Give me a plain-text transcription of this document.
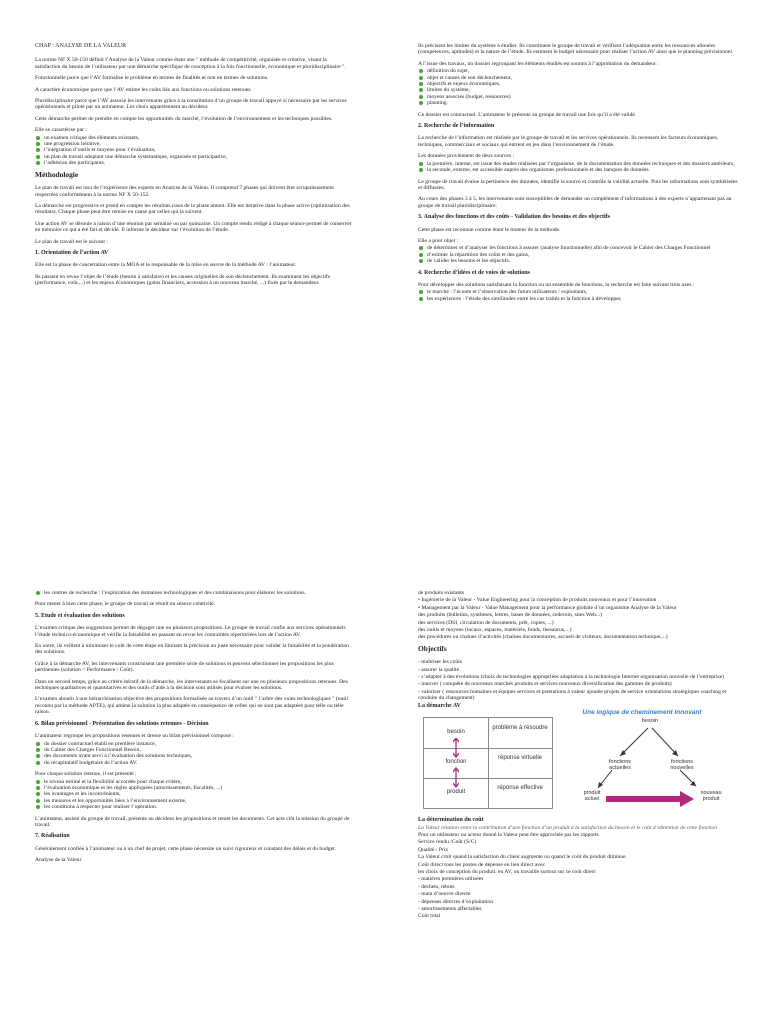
CHAP : ANALYSE DE LA VALEUR

La norme NF X 50-150 définit l’Analyse de la Valeur comme étant une " méthode de compétitivité, organisée et créative, visant la satisfaction du besoin de l’utilisateur par une démarche spécifique de conception à la fois fonctionnelle, économique et pluridisciplinaire ".

Fonctionnelle parce que l’AV formalise le problème en termes de finalités et non en termes de solutions.

A caractère économique parce que l’AV estime les coûts liés aux fonctions ou solutions retenues.

Pluridisciplinaire parce que l’AV associe les intervenants grâce à la constitution d’un groupe de travail appuyé si nécessaire par les services opérationnels et piloté par un animateur. Les choix appartiennent au décideur.

Cette démarche permet de prendre en compte les opportunités du marché, l’évolution de l’environnement et les techniques possibles.

Elle se caractérise par :

un examen critique des éléments existants,
une progression itérative,
l’intégration d’outils et moyens pour l’évaluation,
un plan de travail adoptant une démarche systématique, organisée et participative,
l’adhésion des participants.
Méthodologie

Le plan de travail est issu de l’expérience des experts en Analyse de la Valeur. Il comprend 7 phases qui doivent être scrupuleusement respectées conformément à la norme NF X 50-152.

La démarche est progressive et prend en compte les résultats issus de la phase amont. Elle est itérative dans la phase active (optimisation des résultats). Chaque phase peut être remise en cause par celles qui la suivent.

Une action AV se déroule à raison d’une réunion par semaine ou par quinzaine. Un compte rendu rédigé à chaque séance permet de conserver en mémoire ce qui a été fait et décidé. Il informe le décideur sur l’évolution de l’étude.

Le plan de travail est le suivant :

1. Orientation de l’action AV

Elle est la phase de concertation entre la MOA et le responsable de la mise en œuvre de la méthode AV : l’animateur.

Ils passent en revue l’objet de l’étude (besoin à satisfaire) et les causes originelles de son déclenchement. Ils examinent les objectifs (performance, coût,...) et les enjeux économiques (gains financiers, accession à un nouveau marché, ...) fixés par le demandeur.

Ils précisent les limites du système à étudier. Ils constituent le groupe de travail et vérifient l’adéquation entre les ressources allouées (compétences, aptitudes) et la nature de l’étude. Ils estiment le budget nécessaire pour réaliser l’action AV ainsi que le planning prévisionnel.

A l’issue des travaux, un dossier regroupant les éléments étudiés est soumis à l’approbation du demandeur :

définition du sujet,
objet et causes de son déclenchement,
objectifs et enjeux économiques,
limites du système,
moyens associés (budget, ressources)
planning.

Ce dossier est contractuel. L’animateur le présente au groupe de travail une fois qu’il a été validé.

2. Recherche de l’information

La recherche de l’information est réalisée par le groupe de travail et les services opérationnels. Ils recensent les facteurs économiques, techniques, commerciaux et sociaux qui entrent en jeu dans l’environnement de l’étude.

Les données proviennent de deux sources :

la première, interne, est issue des études réalisées par l’organisme, de la documentation des données techniques et des dossiers antérieurs,
la seconde, externe, est accessible auprès des organismes professionnels et des banques de données.

Le groupe de travail évalue la pertinence des données, identifie la source et contrôle la validité actuelle. Puis les informations sont synthétisées et diffusées.

Au cours des phases 3 à 5, les intervenants sont susceptibles de demander un complément d’informations à des experts n’appartenant pas au groupe de travail pluridisciplinaire.

3. Analyse des fonctions et des coûts - Validation des besoins et des objectifs

Cette phase est reconnue comme étant le moteur de la méthode.

Elle a pour objet :

de déterminer et d’analyser les fonctions à assurer (analyse fonctionnelle) afin de concevoir le Cahier des Charges Fonctionnel
d’estimer la répartition des coûts et des gains,
de valider les besoins et les objectifs.
4. Recherche d’idées et de voies de solutions

Pour développer des solutions satisfaisant la fonction ou un ensemble de fonctions, la recherche est faite suivant trois axes :

le marché : l’écoute et l’observation des futurs utilisateurs / exploitants,
les expériences : l’étude des similitudes entre les cas traités et la fonction à développer,
les centres de recherche : l’exploration des domaines technologiques et des combinaisons pour élaborer les solutions.

Pour mener à bien cette phase, le groupe de travail se réunit en séance créativité.

5. Etude et évaluation des solutions

L’examen critique des suggestions permet de dégager une ou plusieurs propositions. Le groupe de travail confie aux services opérationnels l’étude technico-économique et vérifie la faisabilité en passant en revue les contraintes répertoriées lors de l’action AV.

En outre, ils veillent à minimiser le coût de cette étape en limitant la précision au juste nécessaire pour valider la faisabilité et la pondération des solutions.

Grâce à la démarche AV, les intervenants construisent une première série de solutions et peuvent sélectionner les propositions les plus pertinentes (solution = Performance / Coût).

Dans un second temps, grâce au critère itératif de la démarche, les intervenants se focalisent sur une ou plusieurs propositions retenues. Des techniques qualitatives et quantitatives et des outils d’aide à la décision sont utilisés pour évaluer les solutions.

L’examen aboutit à une hiérarchisation objective des propositions formalisée au travers d’un outil " l’arbre des voies technologiques " (outil reconnu par la méthode APTE), qui amène la solution la plus adaptée en conséquence de celles qui ne sont pas adaptées pour telle ou telle raison.

6. Bilan prévisionnel - Présentation des solutions retenues - Décision

L’animateur regroupe les propositions retenues et dresse un bilan prévisionnel composé :

du dossier contractuel établi en première instance,
du Cahier des Charges Fonctionnel Besoin,
des documents ayant servi à l’évaluation des solutions techniques,
du récapitulatif budgétaire de l’action AV.

Pour chaque solution retenue, il est présenté :

le niveau estimé et la flexibilité accordée pour chaque critère,
l’évaluation économique et les règles appliquées (amortissements, fiscalités, ...)
les avantages et les inconvénients,
les menaces et les opportunités liées à l’environnement externe,
les conditions à respecter pour réaliser l’opération.

L’animateur, assisté du groupe de travail, présente au décideur les propositions et remet les documents. Cet acte clôt la mission du groupe de travail.

7. Réalisation

Généralement confiée à l’animateur ou à un chef de projet, cette phase nécessite un suivi rigoureux et constant des délais et du budget.

Analyse de la Valeur

de produits existants

• Ingénierie de la Valeur - Value Engineering pour la conception de produits nouveaux et pour l’innovation

• Management par la Valeur - Value Management pour la performance globale d’un organisme Analyse de la Valeur

des produits (bulletins, synthèses, lettres, bases de données, cederom, sites Web...)

des services (DSI, circulation de documents, prêt, copies, ...)

des outils et moyens (locaux, espaces, matériels, fonds, thesaurus,...)

des procédures ou chaînes d’activités (chaînes documentaires, accueil de visiteurs, documentation technique,...)

Objectifs

- maîtriser les coûts

- assurer la qualité

- s’adapter à des évolutions (choix de technologies appropriées adaptation à la technologie Internet organisation nouvelle de l’entreprise)

- innover ( conquête de nouveaux marchés produits et services nouveaux diversification des gammes de produits)

- valoriser ( ressources humaines et équipes services et prestations à valeur ajoutée projets de service orientations stratégiques coaching et conduite du changement)

La démarche AV
besoin
problème à résoudre
fonction
réponse virtuelle
produit
réponse effective
Une logique de cheminement innovant
besoin
fonctions actuelles
fonctions nouvelles
produit actuel
nouveau produit
La détermination du coût

La Valeur relation entre la contribution d’une fonction d’un produit à la satisfaction du besoin et le coût d’obtention de cette fonction

Pour un utilisateur ou acteur donné la Valeur peut être approchée par les rapports

Service rendu /Coût (S/C)

Qualité / Prix

La Valeur croît quand la satisfaction du client augmente ou quand le coût du produit diminue

Coût direct tous les postes de dépense en lien direct avec

les choix de conception du produit. en AV, on travaille surtout sur ce coût direct

- matières premières utilisées

- déchets, rebuts

- main d’oeuvre directe

- dépenses directes d’exploitation

- amortissements affectables

Coût total
